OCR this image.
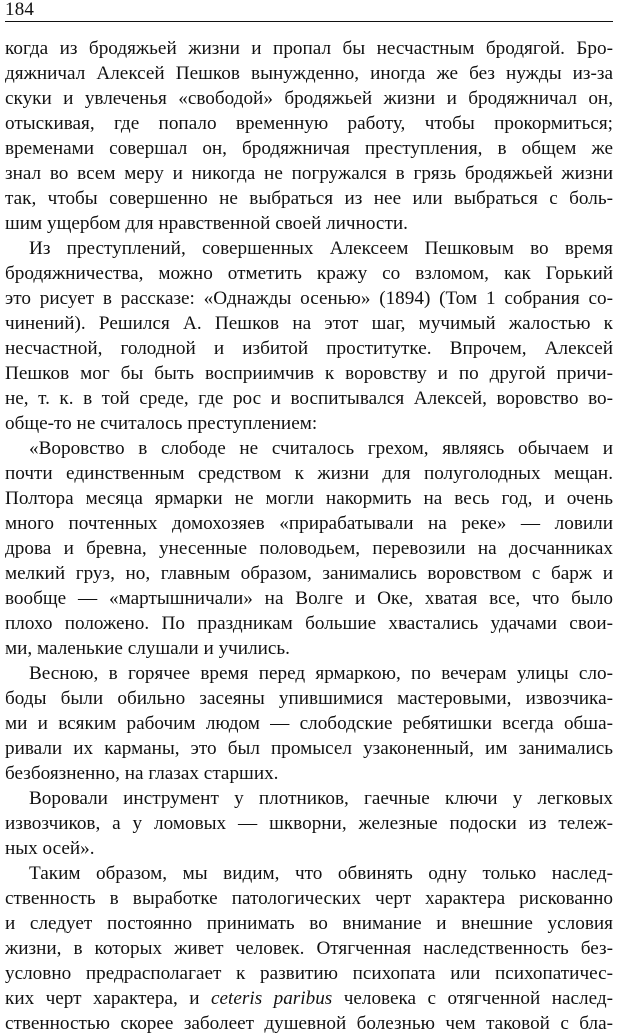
184
когда из бродяжьей жизни и пропал бы несчастным бродягой. Бро-
дяжничал Алексей Пешков вынужденно, иногда же без нужды из-за
скуки и увлеченья «свободой» бродяжьей жизни и бродяжничал он,
отыскивая, где попало временную работу, чтобы прокормиться;
временами совершал он, бродяжничая преступления, в общем же
знал во всем меру и никогда не погружался в грязь бродяжьей жизни
так, чтобы совершенно не выбраться из нее или выбраться с боль-
шим ущербом для нравственной своей личности.
Из преступлений, совершенных Алексеем Пешковым во время
бродяжничества, можно отметить кражу со взломом, как Горький
это рисует в рассказе: «Однажды осенью» (1894) (Том 1 собрания со-
чинений). Решился А. Пешков на этот шаг, мучимый жалостью к
несчастной, голодной и избитой проститутке. Впрочем, Алексей
Пешков мог бы быть восприимчив к воровству и по другой причи-
не, т. к. в той среде, где рос и воспитывался Алексей, воровство во-
обще-то не считалось преступлением:
«Воровство в слободе не считалось грехом, являясь обычаем и
почти единственным средством к жизни для полуголодных мещан.
Полтора месяца ярмарки не могли накормить на весь год, и очень
много почтенных домохозяев «прирабатывали на реке» — ловили
дрова и бревна, унесенные половодьем, перевозили на досчанниках
мелкий груз, но, главным образом, занимались воровством с барж и
вообще — «мартышничали» на Волге и Оке, хватая все, что было
плохо положено. По праздникам большие хвастались удачами свои-
ми, маленькие слушали и учились.
Весною, в горячее время перед ярмаркою, по вечерам улицы сло-
боды были обильно засеяны упившимися мастеровыми, извозчика-
ми и всяким рабочим людом — слободские ребятишки всегда обша-
ривали их карманы, это был промысел узаконенный, им занимались
безбоязненно, на глазах старших.
Воровали инструмент у плотников, гаечные ключи у легковых
извозчиков, а у ломовых — шкворни, железные подоски из тележ-
ных осей».
Таким образом, мы видим, что обвинять одну только наслед-
ственность в выработке патологических черт характера рискованно
и следует постоянно принимать во внимание и внешние условия
жизни, в которых живет человек. Отягченная наследственность без-
условно предрасполагает к развитию психопата или психопатичес-
ких черт характера, и ceteris paribus человека с отягченной наслед-
ственностью скорее заболеет душевной болезнью чем таковой с бла-
